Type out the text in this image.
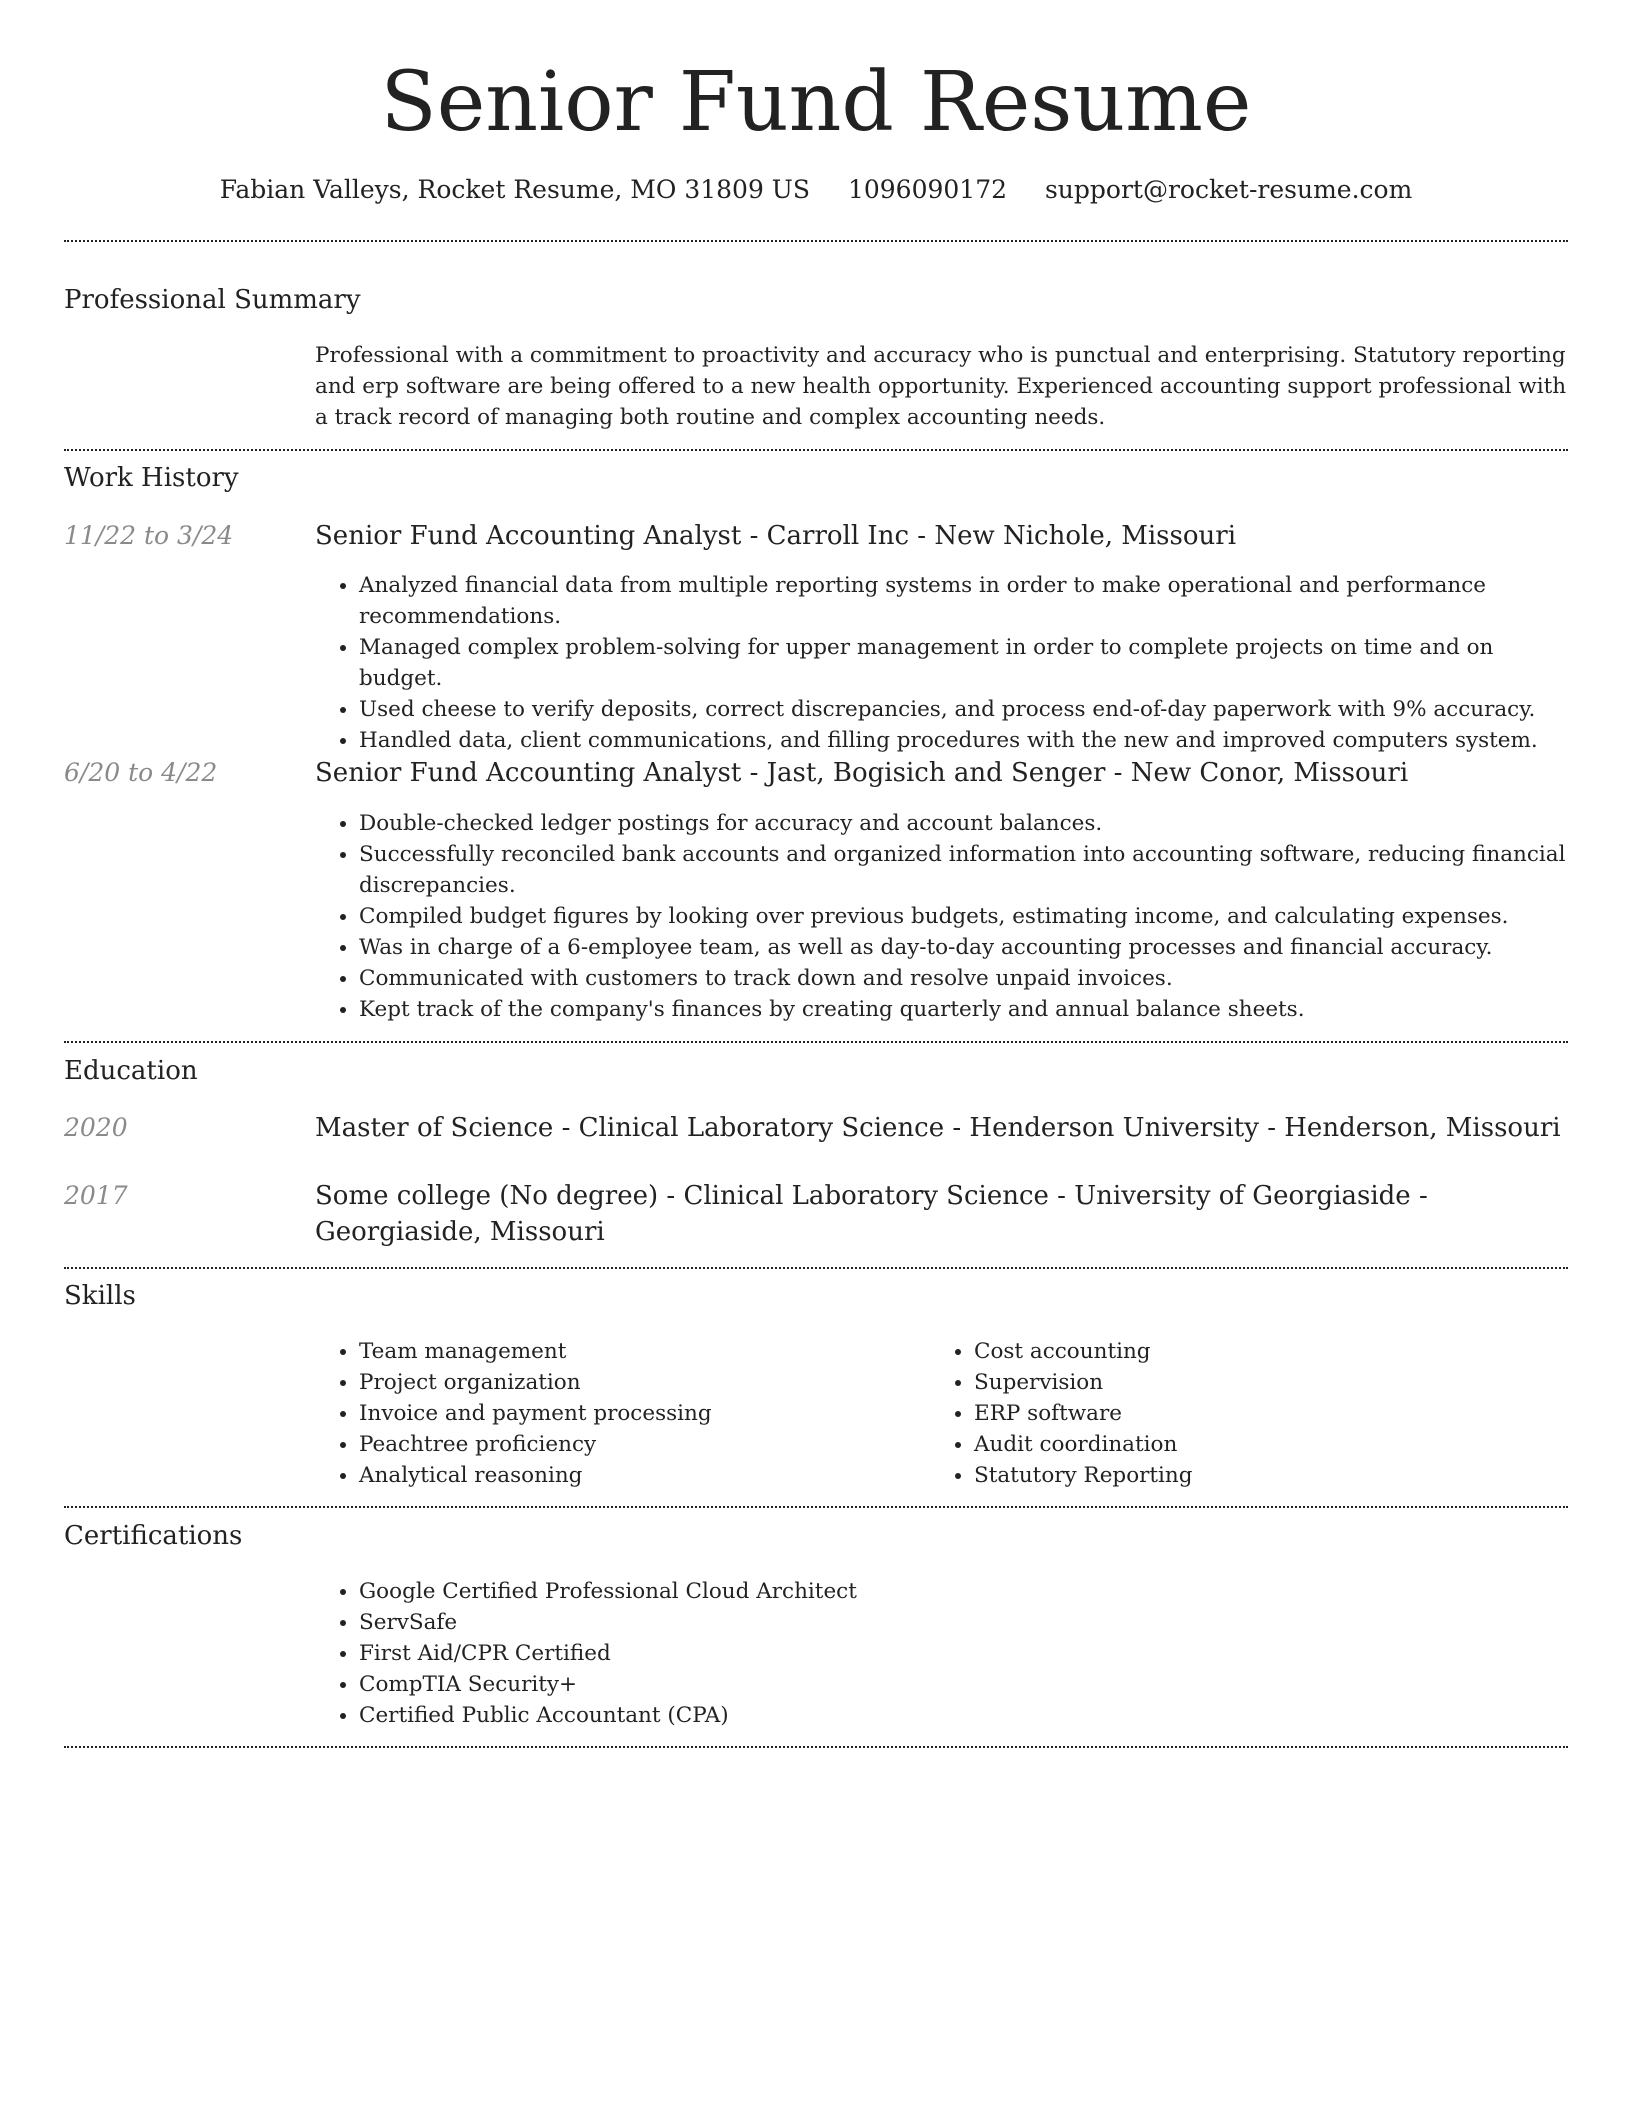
Senior Fund Resume
Fabian Valleys, Rocket Resume, MO 31809 US 1096090172 support@rocket-resume.com
Professional Summary
Professional with a commitment to proactivity and accuracy who is punctual and enterprising. Statutory reporting and erp software are being offered to a new health opportunity. Experienced accounting support professional with a track record of managing both routine and complex accounting needs.
Work History
11/22 to 3/24	Senior Fund Accounting Analyst - Carroll Inc - New Nichole, Missouri
• Analyzed financial data from multiple reporting systems in order to make operational and performance recommendations.
• Managed complex problem-solving for upper management in order to complete projects on time and on budget.
• Used cheese to verify deposits, correct discrepancies, and process end-of-day paperwork with 9% accuracy.
• Handled data, client communications, and filling procedures with the new and improved computers system.
6/20 to 4/22	Senior Fund Accounting Analyst - Jast, Bogisich and Senger - New Conor, Missouri
• Double-checked ledger postings for accuracy and account balances.
• Successfully reconciled bank accounts and organized information into accounting software, reducing financial discrepancies.
• Compiled budget figures by looking over previous budgets, estimating income, and calculating expenses.
• Was in charge of a 6-employee team, as well as day-to-day accounting processes and financial accuracy.
• Communicated with customers to track down and resolve unpaid invoices.
• Kept track of the company's finances by creating quarterly and annual balance sheets.
Education
2020	Master of Science - Clinical Laboratory Science - Henderson University - Henderson, Missouri
2017	Some college (No degree) - Clinical Laboratory Science - University of Georgiaside - Georgiaside, Missouri
Skills
• Team management
• Project organization
• Invoice and payment processing
• Peachtree proficiency
• Analytical reasoning
• Cost accounting
• Supervision
• ERP software
• Audit coordination
• Statutory Reporting
Certifications
• Google Certified Professional Cloud Architect
• ServSafe
• First Aid/CPR Certified
• CompTIA Security+
• Certified Public Accountant (CPA)
